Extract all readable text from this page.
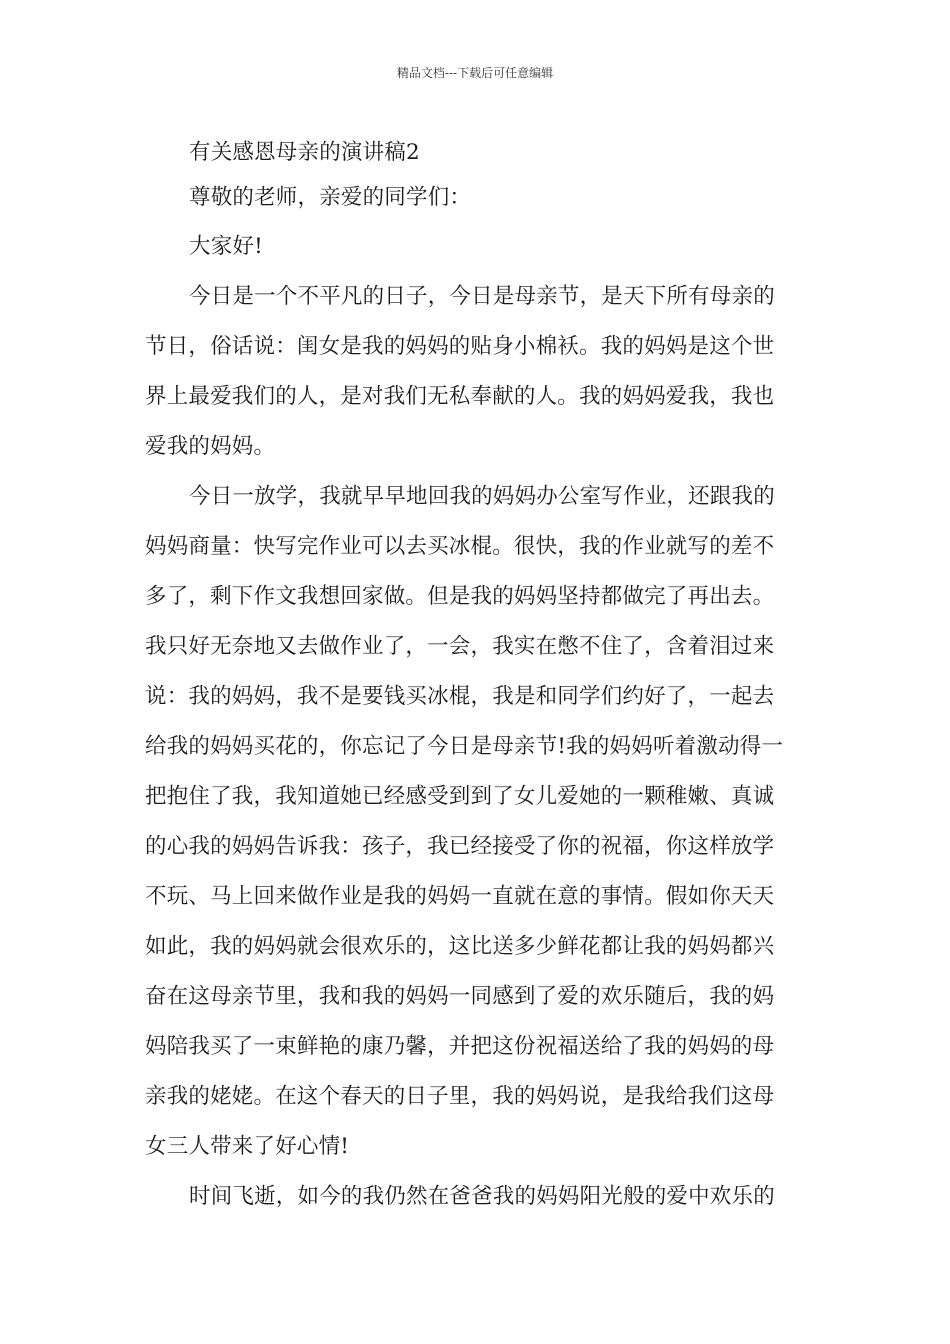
精品文档---下载后可任意编辑
有关感恩母亲的演讲稿2
尊敬的老师，亲爱的同学们：
大家好!
今日是一个不平凡的日子，今日是母亲节，是天下所有母亲的
节日，俗话说：闺女是我的妈妈的贴身小棉袄。我的妈妈是这个世
界上最爱我们的人，是对我们无私奉献的人。我的妈妈爱我，我也
爱我的妈妈。
今日一放学，我就早早地回我的妈妈办公室写作业，还跟我的
妈妈商量：快写完作业可以去买冰棍。很快，我的作业就写的差不
多了，剩下作文我想回家做。但是我的妈妈坚持都做完了再出去。
我只好无奈地又去做作业了，一会，我实在憋不住了，含着泪过来
说：我的妈妈，我不是要钱买冰棍，我是和同学们约好了，一起去
给我的妈妈买花的，你忘记了今日是母亲节!我的妈妈听着激动得一
把抱住了我，我知道她已经感受到到了女儿爱她的一颗稚嫩、真诚
的心我的妈妈告诉我：孩子，我已经接受了你的祝福，你这样放学
不玩、马上回来做作业是我的妈妈一直就在意的事情。假如你天天
如此，我的妈妈就会很欢乐的，这比送多少鲜花都让我的妈妈都兴
奋在这母亲节里，我和我的妈妈一同感到了爱的欢乐随后，我的妈
妈陪我买了一束鲜艳的康乃馨，并把这份祝福送给了我的妈妈的母
亲我的姥姥。在这个春天的日子里，我的妈妈说，是我给我们这母
女三人带来了好心情!
时间飞逝，如今的我仍然在爸爸我的妈妈阳光般的爱中欢乐的
